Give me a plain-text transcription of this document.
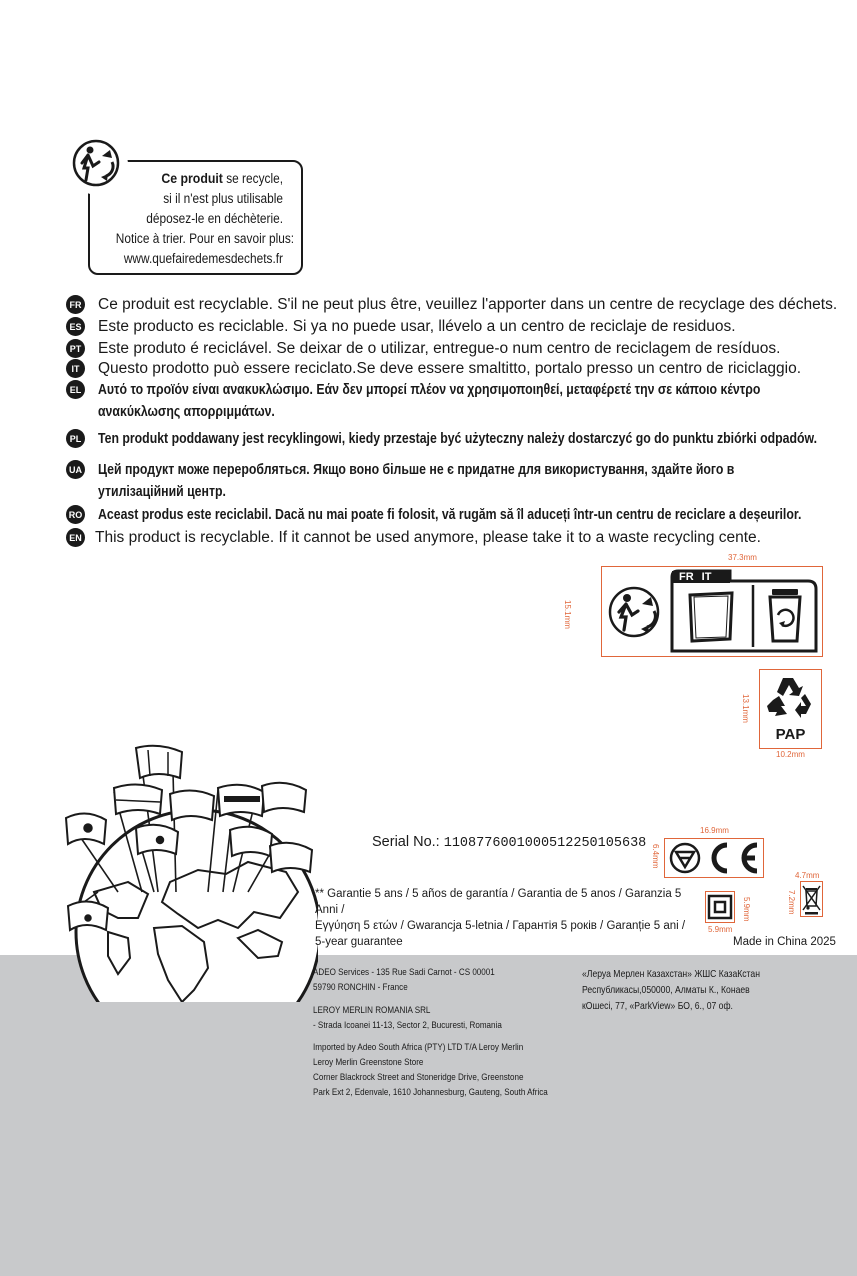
Ce produit se recycle,
si il n'est plus utilisable
déposez-le en déchèterie.
Notice à trier. Pour en savoir plus:
www.quefairedemesdechets.fr
FR Ce produit est recyclable. S'il ne peut plus être, veuillez l'apporter dans un centre de recyclage des déchets.
ES Este producto es reciclable. Si ya no puede usar, llévelo a un centro de reciclaje de residuos.
PT Este produto é reciclável. Se deixar de o utilizar, entregue-o num centro de reciclagem de resíduos.
IT	Questo prodotto può essere reciclato.Se deve essere smaltitto, portalo presso un centro de riciclaggio.
EL Αυτό το προϊόν είναι ανακυκλώσιμο. Εάν δεν μπορεί πλέον να χρησιμοποιηθεί, μεταφέρετέ την σε κάποιο κέντρο
ανακύκλωσης απορριμμάτων.
PL Ten produkt poddawany jest recyklingowi, kiedy przestaje być użyteczny należy dostarczyć go do punktu zbiórki odpadów.
UA Цей продукт може переробляться. Якщо воно більше не є придатне для використування, здайте його в
утилізаційний центр.
RO Aceast produs este reciclabil. Dacă nu mai poate fi folosit, vă rugăm să îl aduceți într-un centru de reciclare a deșeurilor.
EN This product is recyclable. If it cannot be used anymore, please take it to a waste recycling cente.
37.3mm
FR IT
15.1mm
PAP
13.1mm
10.2mm
Serial No.: 1108776001000512250105638
16.9mm
6.4mm
5.9mm
5.9mm
4.7mm
7.2mm
** Garantie 5 ans / 5 años de garantía / Garantia de 5 anos / Garanzia 5 Anni /
Εγγύηση 5 ετών / Gwarancja 5-letnia / Гарантія 5 років / Garanție 5 ani /
5-year guarantee	Made in China 2025
ADEO Services - 135 Rue Sadi Carnot - CS 00001
59790 RONCHIN - France
LEROY MERLIN ROMANIA SRL
- Strada Icoanei 11-13, Sector 2, Bucuresti, Romania
Imported by Adeo South Africa (PTY) LTD T/A Leroy Merlin
Leroy Merlin Greenstone Store
Corner Blackrock Street and Stoneridge Drive, Greenstone
Park Ext 2, Edenvale, 1610 Johannesburg, Gauteng, South Africa
«Леруа Мерлен Казахстан» ЖШС КазаКстан
Республикасы,050000, Алматы К., Конаев
кОшесі, 77, «ParkView» БО, 6., 07 оф.
